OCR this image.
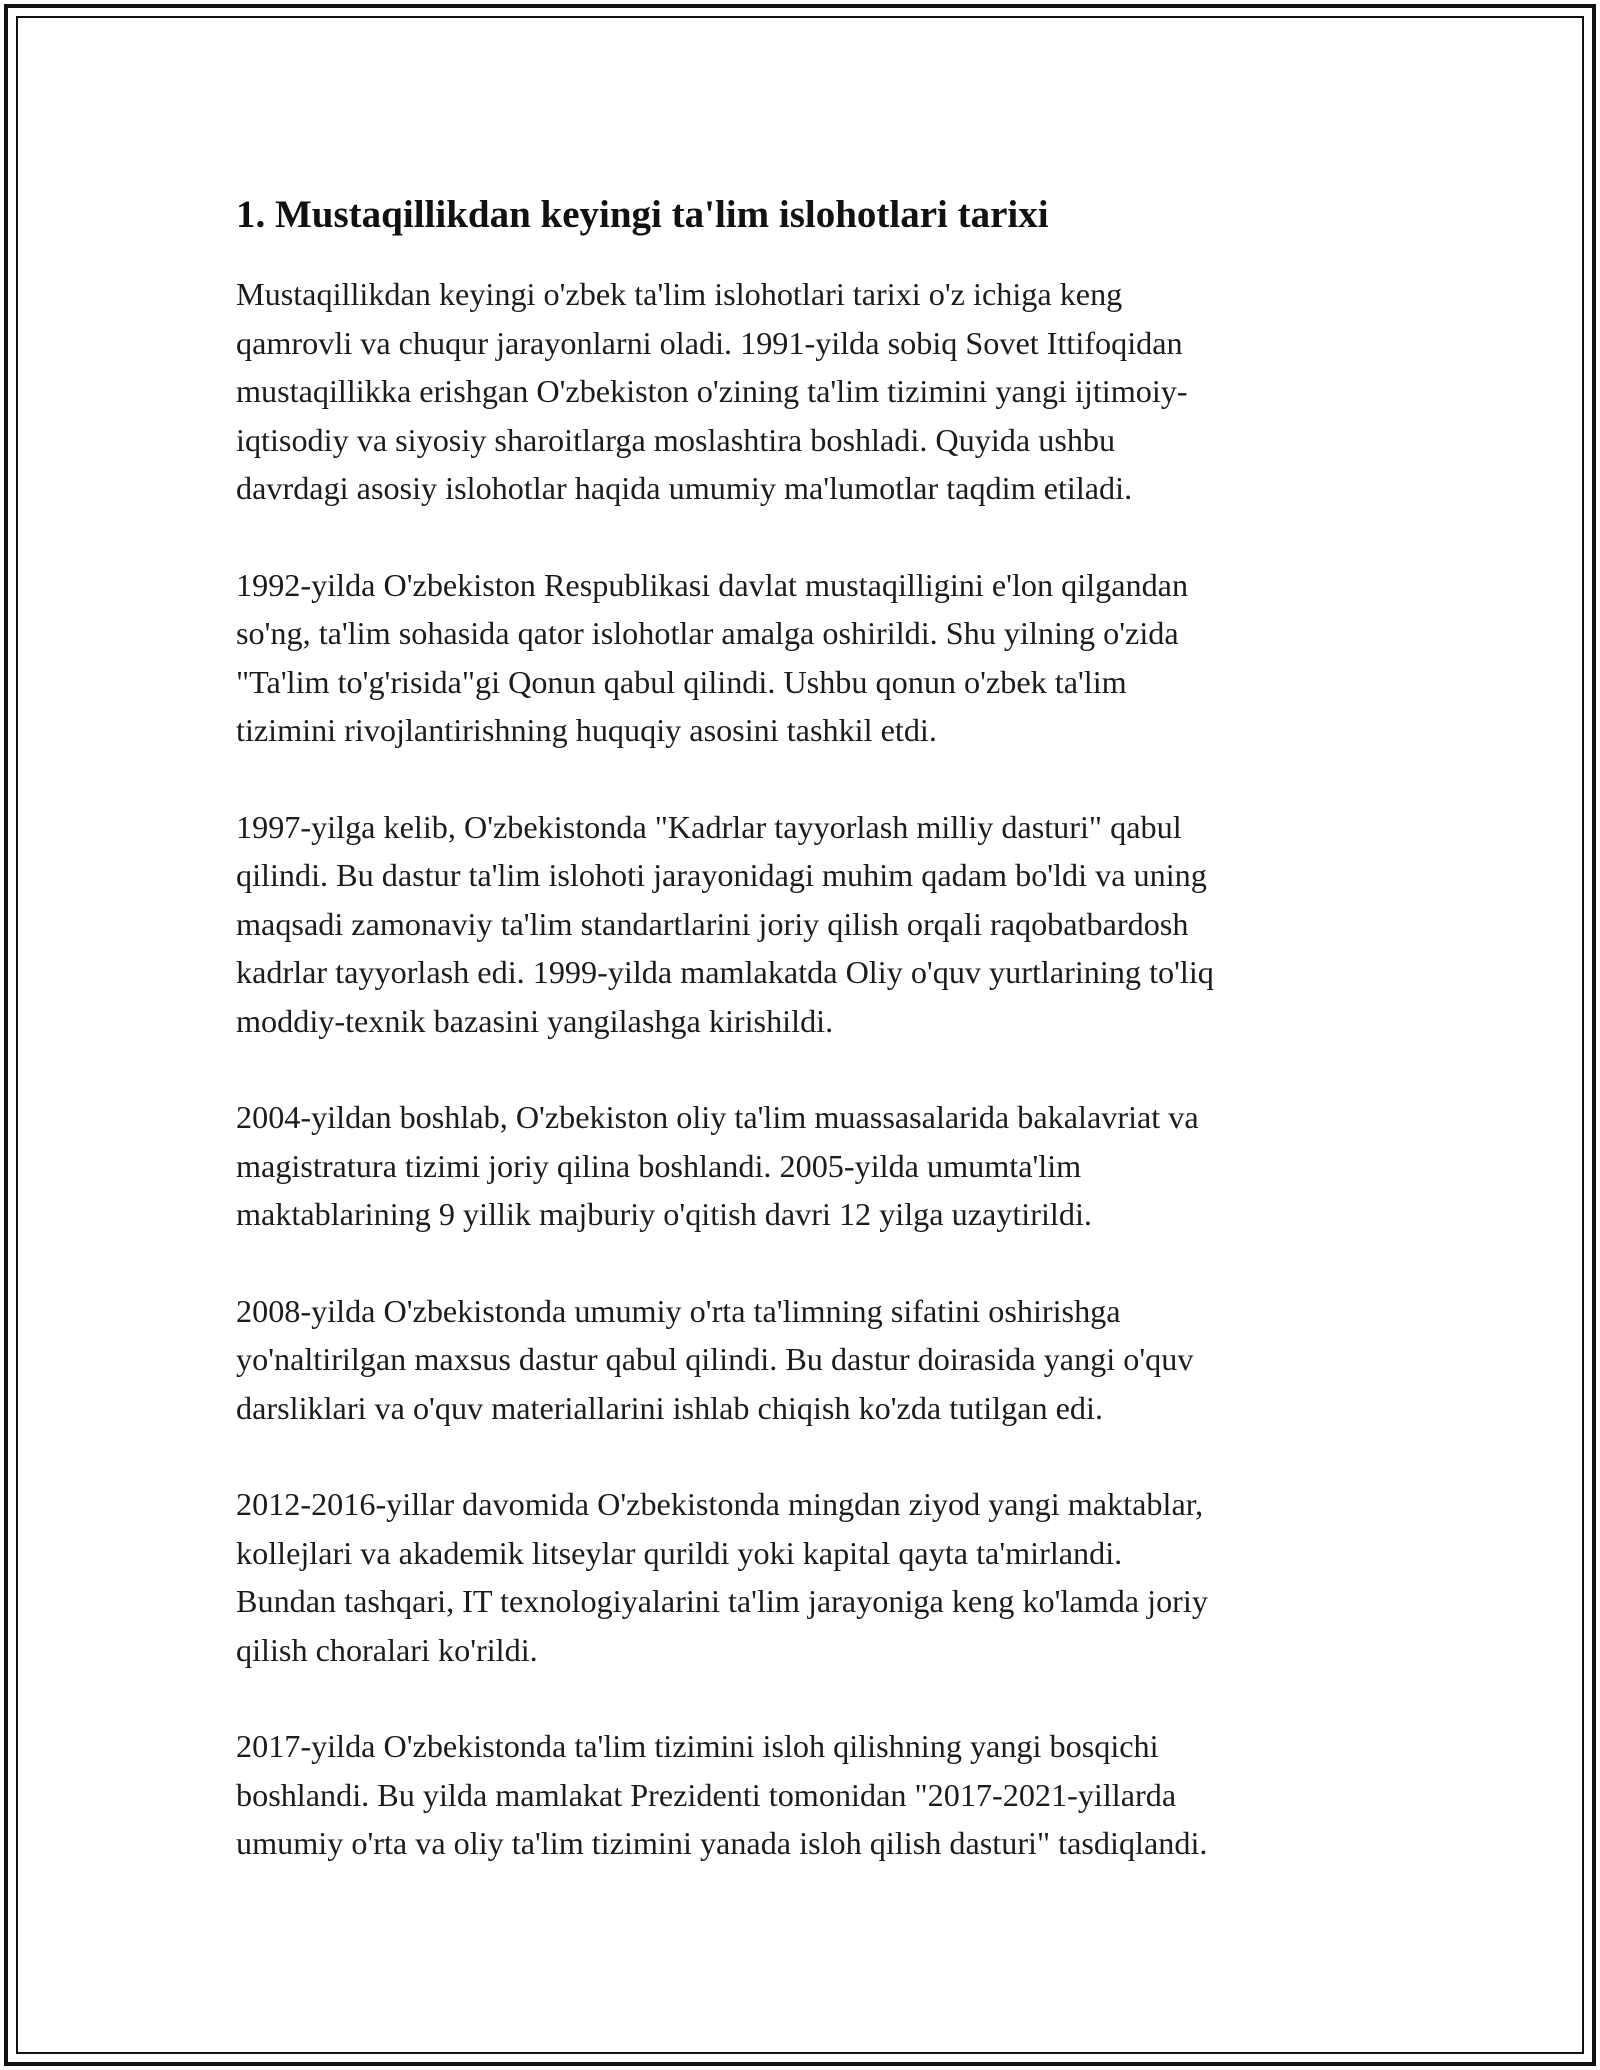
1. Mustaqillikdan keyingi ta'lim islohotlari tarixi

Mustaqillikdan keyingi o'zbek ta'lim islohotlari tarixi o'z ichiga keng
qamrovli va chuqur jarayonlarni oladi. 1991-yilda sobiq Sovet Ittifoqidan
mustaqillikka erishgan O'zbekiston o'zining ta'lim tizimini yangi ijtimoiy-
iqtisodiy va siyosiy sharoitlarga moslashtira boshladi. Quyida ushbu
davrdagi asosiy islohotlar haqida umumiy ma'lumotlar taqdim etiladi.

1992-yilda O'zbekiston Respublikasi davlat mustaqilligini e'lon qilgandan
so'ng, ta'lim sohasida qator islohotlar amalga oshirildi. Shu yilning o'zida
"Ta'lim to'g'risida"gi Qonun qabul qilindi. Ushbu qonun o'zbek ta'lim
tizimini rivojlantirishning huquqiy asosini tashkil etdi.

1997-yilga kelib, O'zbekistonda "Kadrlar tayyorlash milliy dasturi" qabul
qilindi. Bu dastur ta'lim islohoti jarayonidagi muhim qadam bo'ldi va uning
maqsadi zamonaviy ta'lim standartlarini joriy qilish orqali raqobatbardosh
kadrlar tayyorlash edi. 1999-yilda mamlakatda Oliy o'quv yurtlarining to'liq
moddiy-texnik bazasini yangilashga kirishildi.

2004-yildan boshlab, O'zbekiston oliy ta'lim muassasalarida bakalavriat va
magistratura tizimi joriy qilina boshlandi. 2005-yilda umumta'lim
maktablarining 9 yillik majburiy o'qitish davri 12 yilga uzaytirildi.

2008-yilda O'zbekistonda umumiy o'rta ta'limning sifatini oshirishga
yo'naltirilgan maxsus dastur qabul qilindi. Bu dastur doirasida yangi o'quv
darsliklari va o'quv materiallarini ishlab chiqish ko'zda tutilgan edi.

2012-2016-yillar davomida O'zbekistonda mingdan ziyod yangi maktablar,
kollejlari va akademik litseylar qurildi yoki kapital qayta ta'mirlandi.
Bundan tashqari, IT texnologiyalarini ta'lim jarayoniga keng ko'lamda joriy
qilish choralari ko'rildi.

2017-yilda O'zbekistonda ta'lim tizimini isloh qilishning yangi bosqichi
boshlandi. Bu yilda mamlakat Prezidenti tomonidan "2017-2021-yillarda
umumiy o'rta va oliy ta'lim tizimini yanada isloh qilish dasturi" tasdiqlandi.
